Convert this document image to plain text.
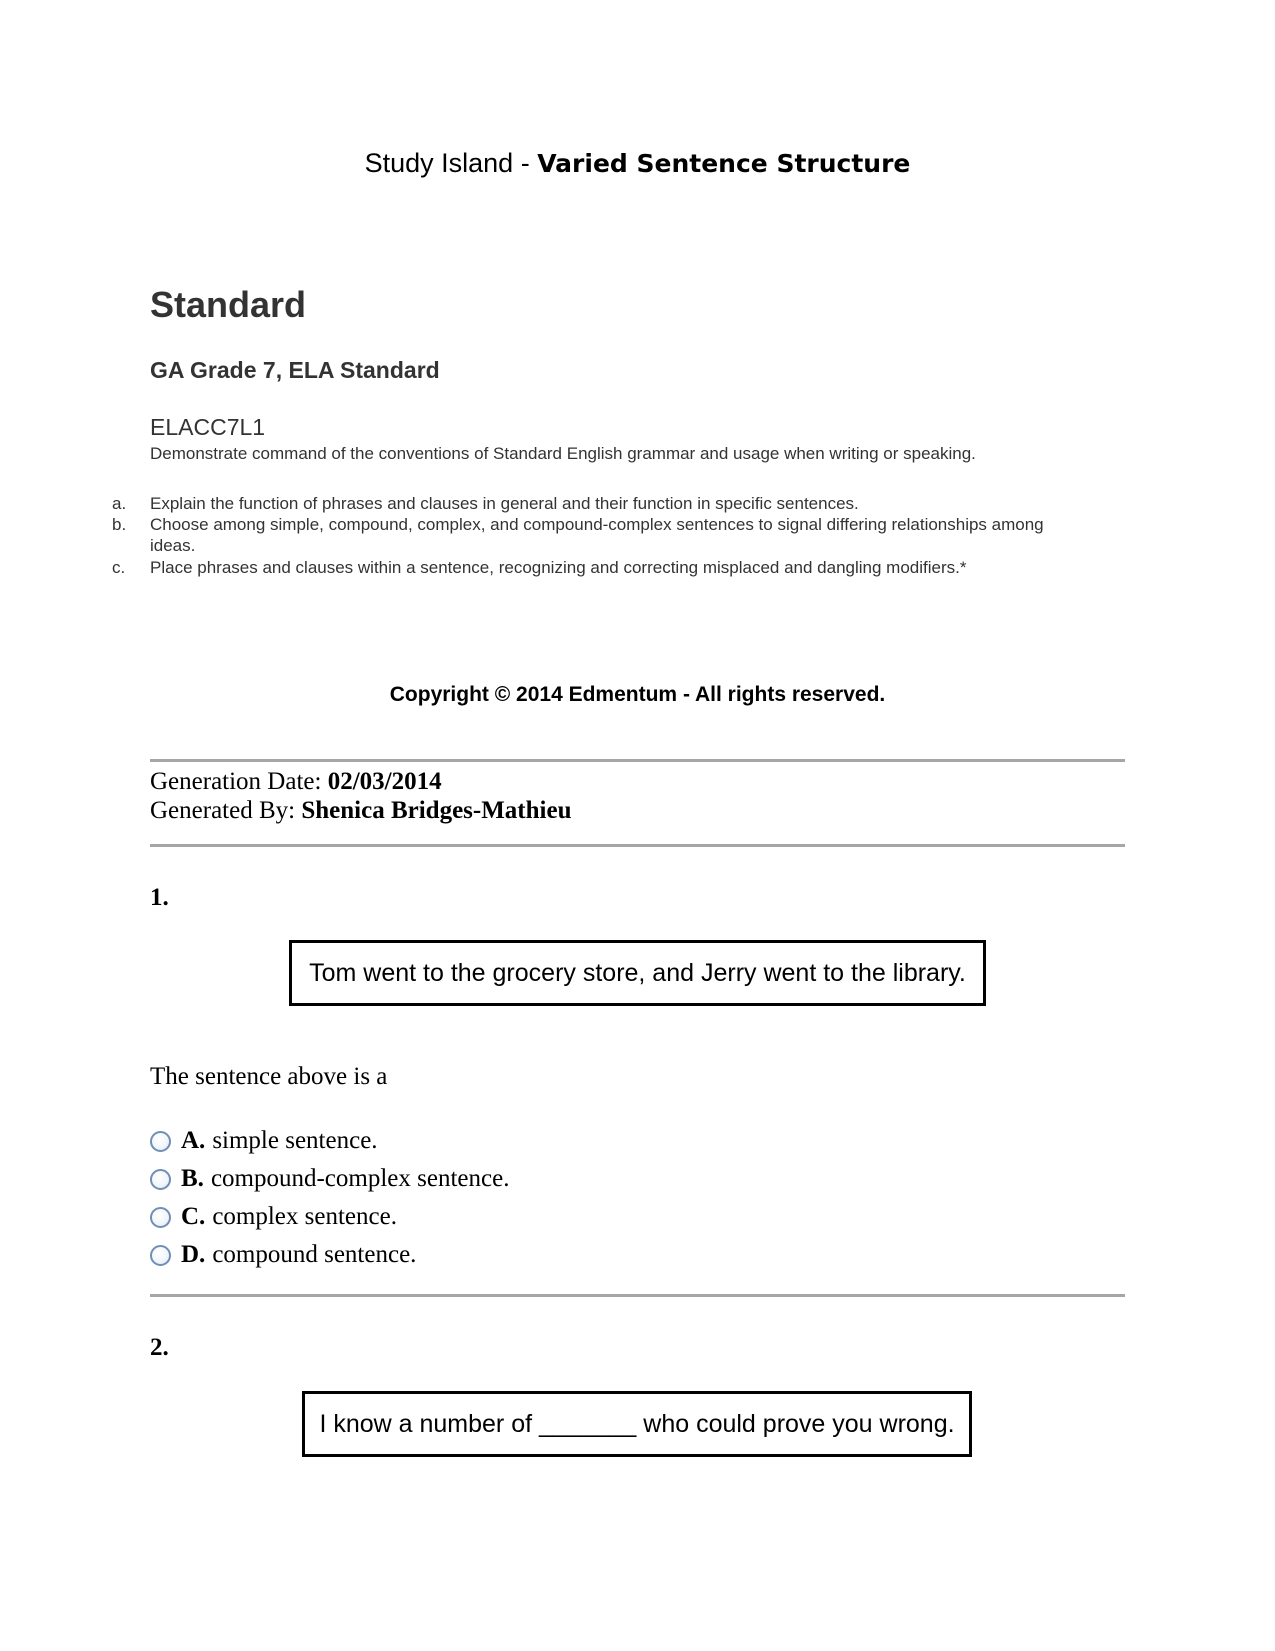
Study Island - Varied Sentence Structure
Standard
GA Grade 7, ELA Standard
ELACC7L1
Demonstrate command of the conventions of Standard English grammar and usage when writing or speaking.
a. Explain the function of phrases and clauses in general and their function in specific sentences.
b. Choose among simple, compound, complex, and compound-complex sentences to signal differing relationships among ideas.
c. Place phrases and clauses within a sentence, recognizing and correcting misplaced and dangling modifiers.*
Copyright © 2014 Edmentum - All rights reserved.
Generation Date: 02/03/2014
Generated By: Shenica Bridges-Mathieu
1.
Tom went to the grocery store, and Jerry went to the library.
The sentence above is a
A. simple sentence.
B. compound-complex sentence.
C. complex sentence.
D. compound sentence.
2.
I know a number of _______ who could prove you wrong.
